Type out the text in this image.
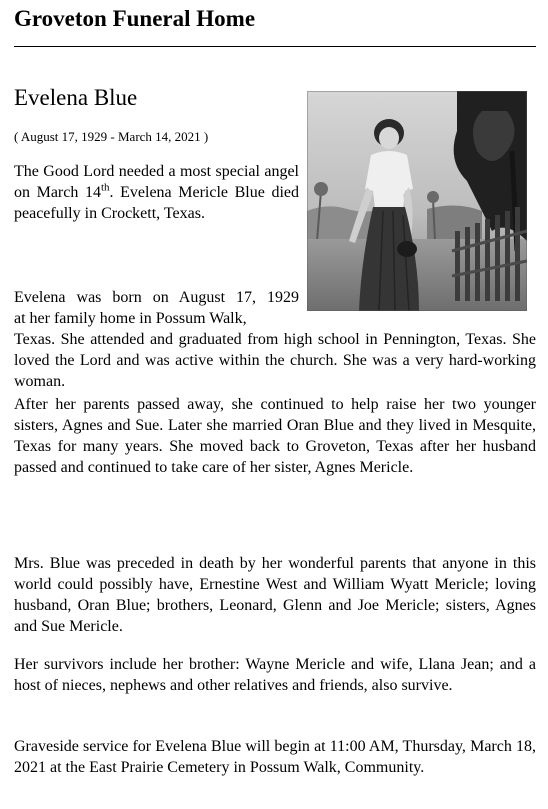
Groveton Funeral Home
Evelena Blue

( August 17, 1929 - March 14, 2021 )

The Good Lord needed a most special angel on March 14th. Evelena Mericle Blue died peacefully in Crockett, Texas.

Evelena was born on August 17, 1929
at her family home in Possum Walk,
Texas. She attended and graduated from high school in Pennington, Texas. She loved the Lord and was active within the church. She was a very hard-working woman.

After her parents passed away, she continued to help raise her two younger sisters, Agnes and Sue. Later she married Oran Blue and they lived in Mesquite, Texas for many years. She moved back to Groveton, Texas after her husband passed and continued to take care of her sister, Agnes Mericle.

Mrs. Blue was preceded in death by her wonderful parents that anyone in this world could possibly have, Ernestine West and William Wyatt Mericle; loving husband, Oran Blue; brothers, Leonard, Glenn and Joe Mericle; sisters, Agnes and Sue Mericle.

Her survivors include her brother: Wayne Mericle and wife, Llana Jean; and a host of nieces, nephews and other relatives and friends, also survive.

Graveside service for Evelena Blue will begin at 11:00 AM, Thursday, March 18, 2021 at the East Prairie Cemetery in Possum Walk, Community.
